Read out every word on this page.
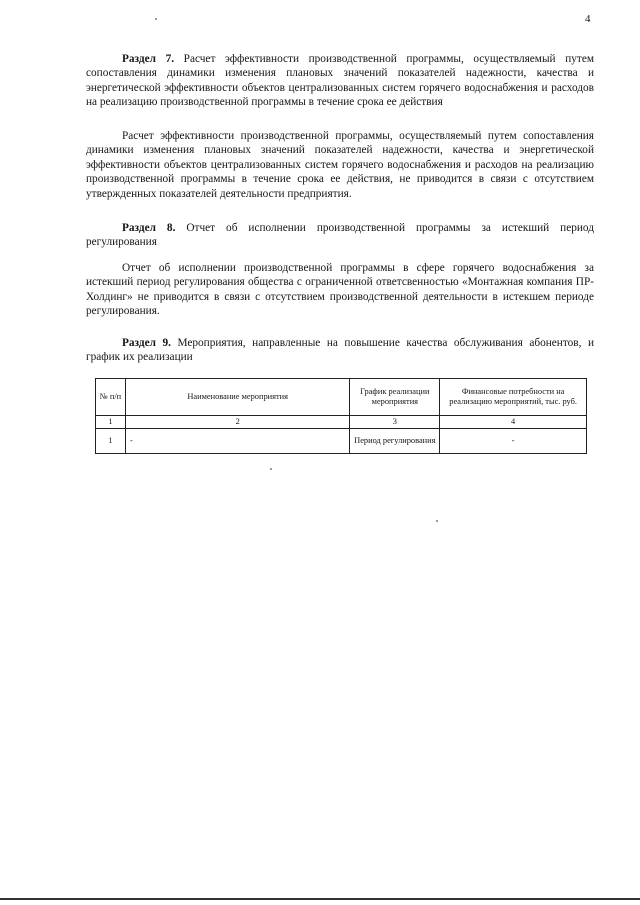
4

Раздел 7. Расчет эффективности производственной программы, осуществляемый путем сопоставления динамики изменения плановых значений показателей надежности, качества и энергетической эффективности объектов централизованных систем горячего водоснабжения и расходов на реализацию производственной программы в течение срока ее действия

Расчет эффективности производственной программы, осуществляемый путем сопоставления динамики изменения плановых значений показателей надежности, качества и энергетической эффективности объектов централизованных систем горячего водоснабжения и расходов на реализацию производственной программы в течение срока ее действия, не приводится в связи с отсутствием утвержденных показателей деятельности предприятия.

Раздел 8. Отчет об исполнении производственной программы за истекший период регулирования

Отчет об исполнении производственной программы в сфере горячего водоснабжения за истекший период регулирования общества с ограниченной ответсвенностью «Монтажная компания ПР-Холдинг» не приводится в связи с отсутствием производственной деятельности в истекшем периоде регулирования.

Раздел 9. Мероприятия, направленные на повышение качества обслуживания абонентов, и график их реализации

№ п/п	Наименование мероприятия	График реализации мероприятия	Финансовые потребности на реализацию мероприятий, тыс. руб.
1	2	3	4
1	-	Период регулирования	-
